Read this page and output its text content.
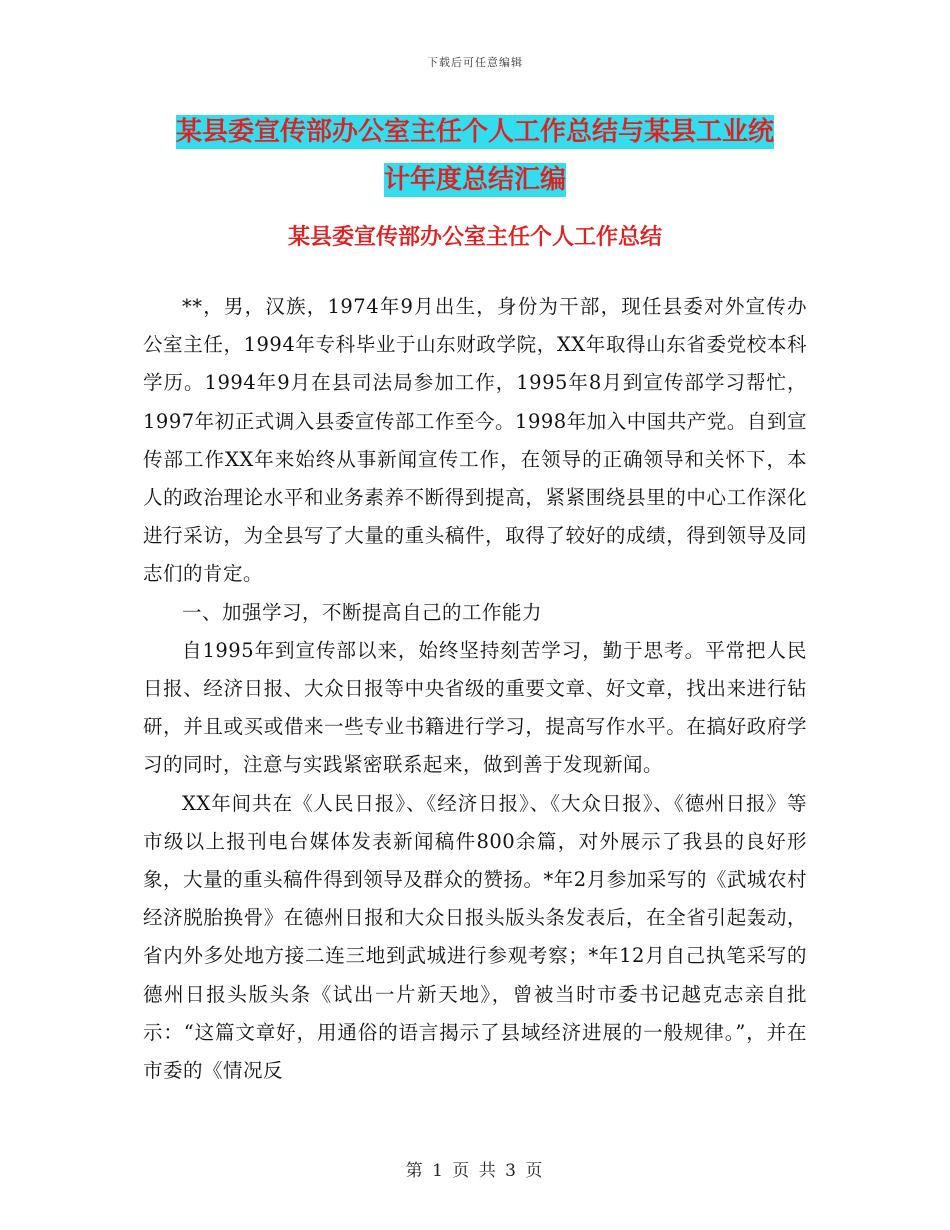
下载后可任意编辑
某县委宣传部办公室主任个人工作总结与某县工业统
计年度总结汇编
某县委宣传部办公室主任个人工作总结

**，男，汉族，1974年9月出生，身份为干部，现任县委对外宣传办公室主任，1994年专科毕业于山东财政学院，XX年取得山东省委党校本科学历。1994年9月在县司法局参加工作，1995年8月到宣传部学习帮忙，1997年初正式调入县委宣传部工作至今。1998年加入中国共产党。自到宣传部工作XX年来始终从事新闻宣传工作，在领导的正确领导和关怀下，本人的政治理论水平和业务素养不断得到提高，紧紧围绕县里的中心工作深化进行采访，为全县写了大量的重头稿件，取得了较好的成绩，得到领导及同志们的肯定。

一、加强学习，不断提高自己的工作能力

自1995年到宣传部以来，始终坚持刻苦学习，勤于思考。平常把人民日报、经济日报、大众日报等中央省级的重要文章、好文章，找出来进行钻研，并且或买或借来一些专业书籍进行学习，提高写作水平。在搞好政府学习的同时，注意与实践紧密联系起来，做到善于发现新闻。

XX年间共在《人民日报》、《经济日报》、《大众日报》、《德州日报》等市级以上报刊电台媒体发表新闻稿件800余篇，对外展示了我县的良好形象，大量的重头稿件得到领导及群众的赞扬。*年2月参加采写的《武城农村经济脱胎换骨》在德州日报和大众日报头版头条发表后，在全省引起轰动，省内外多处地方接二连三地到武城进行参观考察；*年12月自己执笔采写的德州日报头版头条《试出一片新天地》，曾被当时市委书记越克志亲自批示：“这篇文章好，用通俗的语言揭示了县域经济进展的一般规律。”，并在市委的《情况反

第 1 页 共 3 页
